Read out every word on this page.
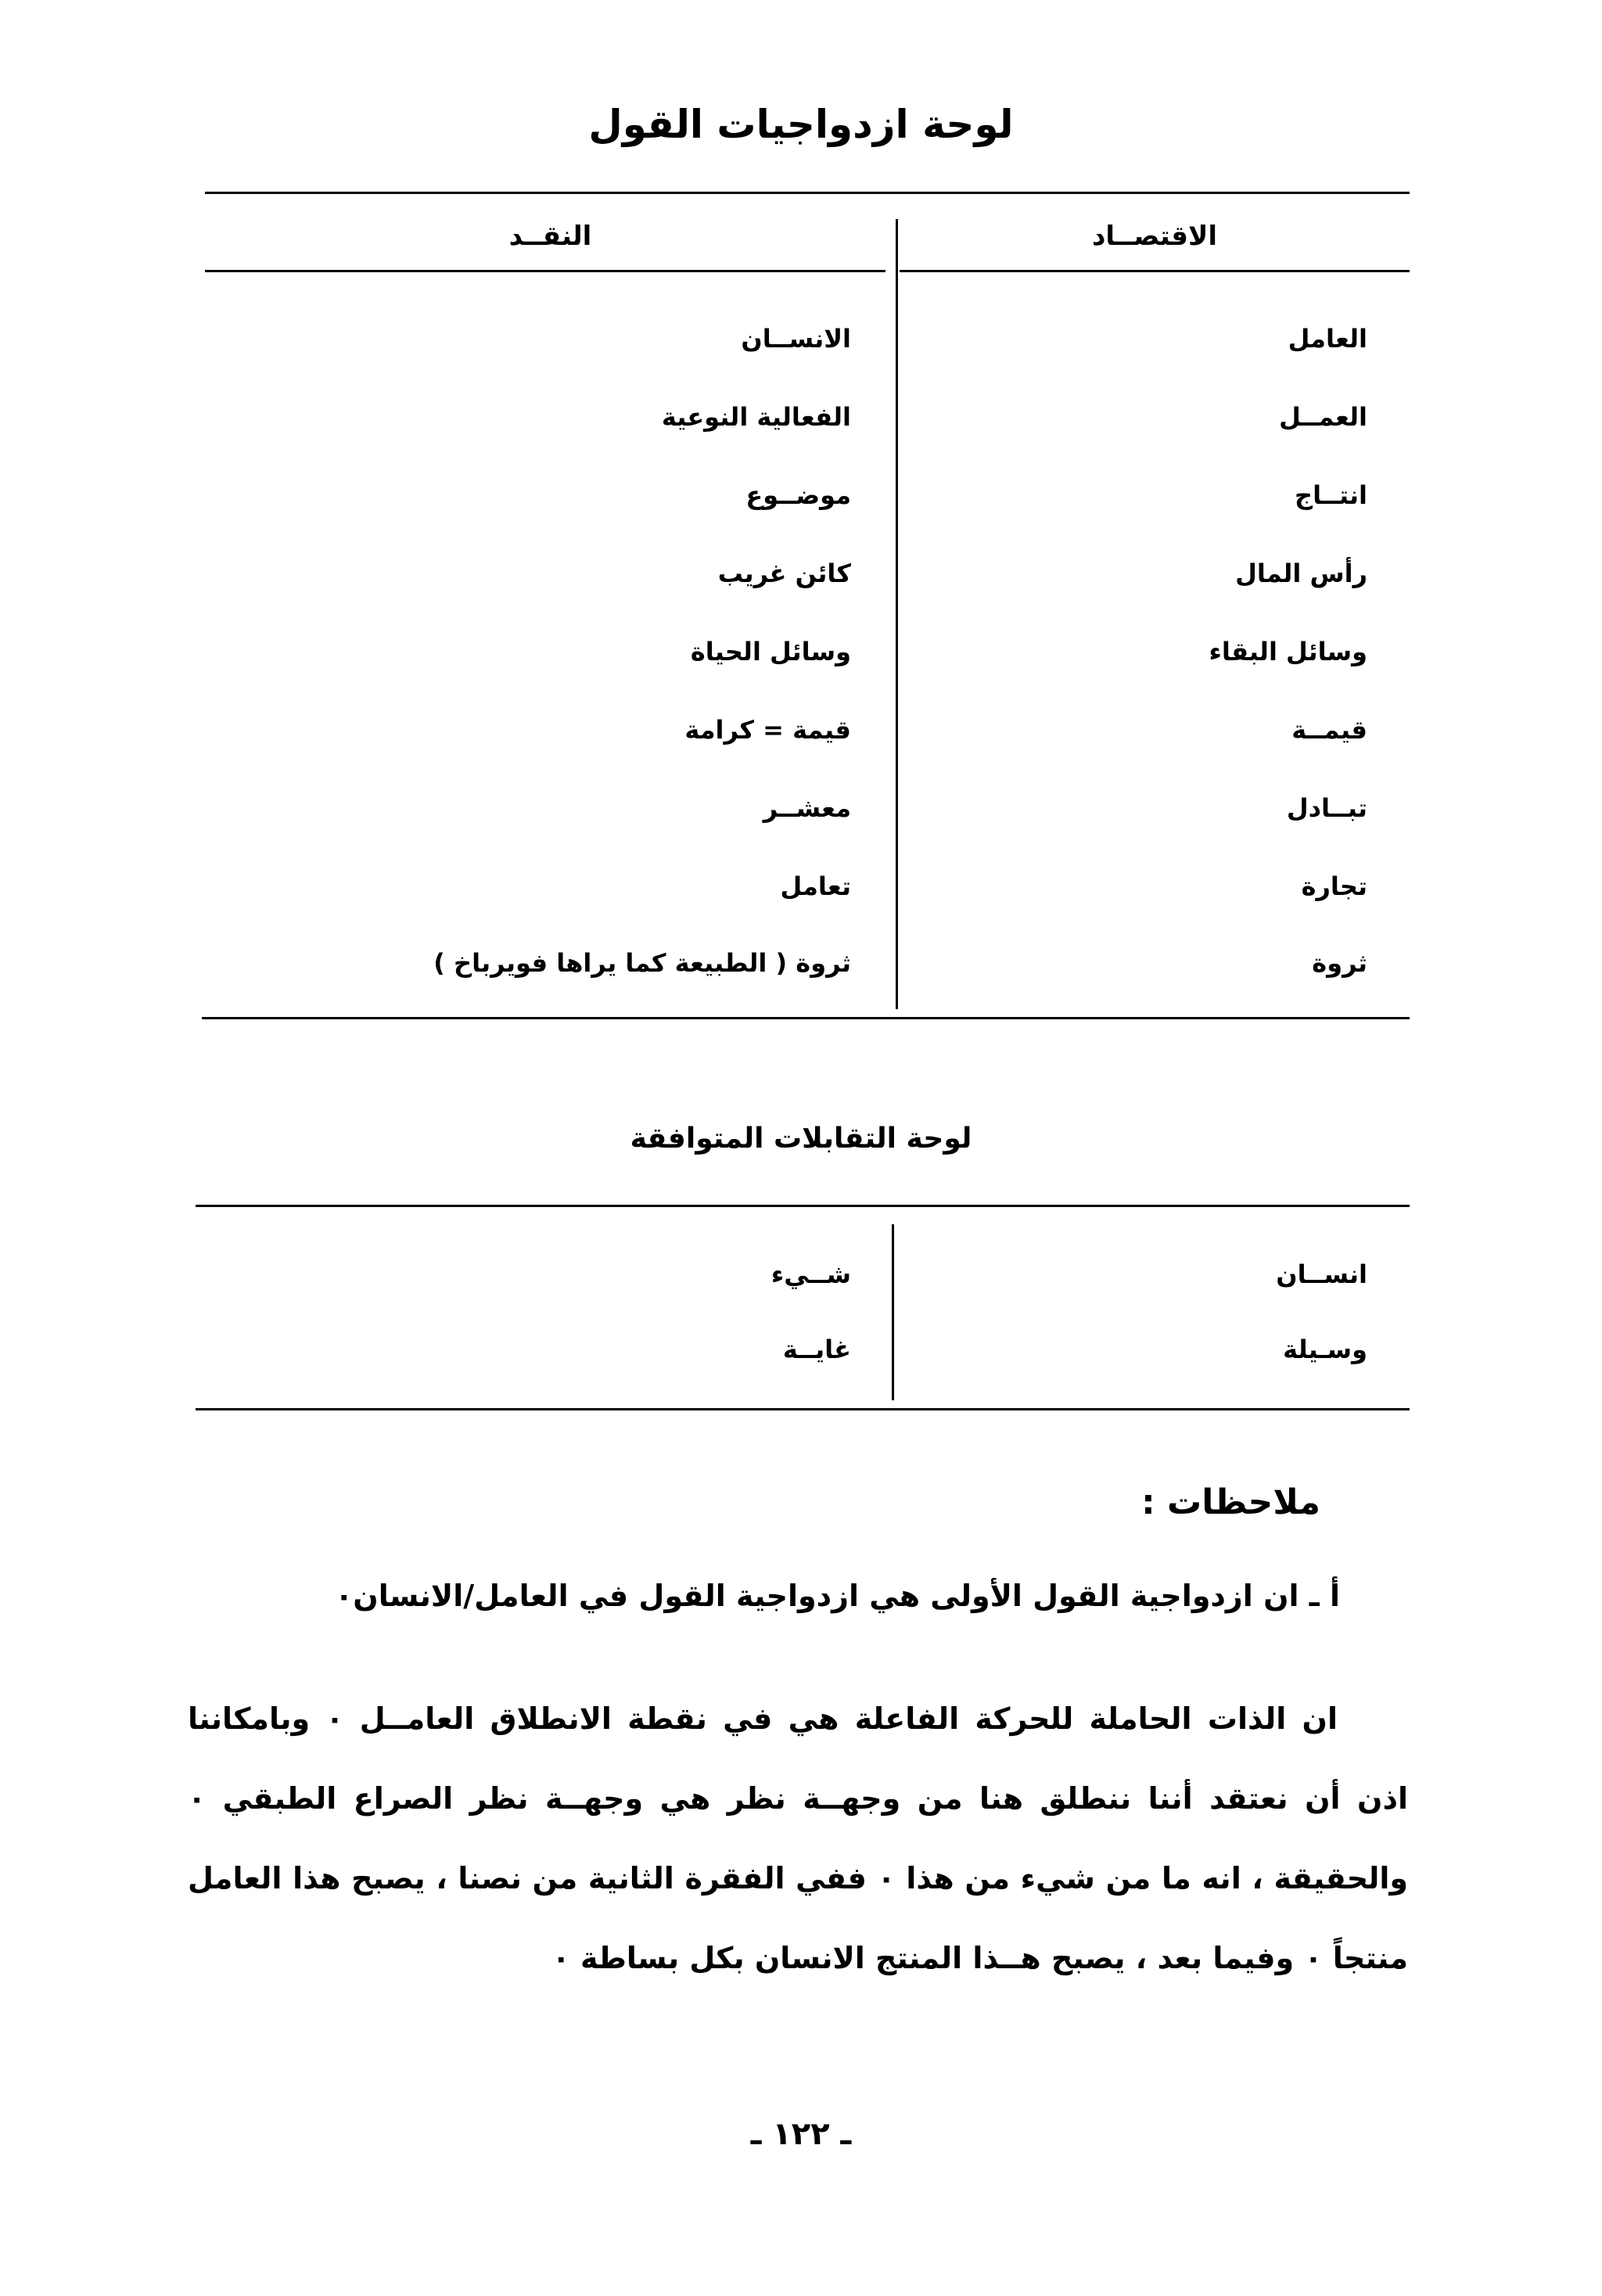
لوحة ازدواجيات القول
الاقتصــاد
النقــد
العامل
الانســان
العمــل
الفعالية النوعية
انتــاج
موضــوع
رأس المال
كائن غريب
وسائل البقاء
وسائل الحياة
قيمــة
قيمة = كرامة
تبــادل
معشــر
تجارة
تعامل
ثروة
ثروة ( الطبيعة كما يراها فويرباخ )
لوحة التقابلات المتوافقة
انســان
شــيء
وسـيلة
غايــة
ملاحظات :
أ ـ ان ازدواجية القول الأولى هي ازدواجية القول في العامل/الانسان٠
ان الذات الحاملة للحركة الفاعلة هي في نقطة الانطلاق العامــل ٠ وبامكاننا اذن أن نعتقد أننا ننطلق هنا من وجهــة نظر هي وجهــة نظر الصراع الطبقي ٠ والحقيقة ، انه ما من شيء من هذا ٠ ففي الفقرة الثانية من نصنا ، يصبح هذا العامل منتجاً ٠ وفيما بعد ، يصبح هــذا المنتج الانسان بكل بساطة ٠
ـ ١٢٢ ـ
